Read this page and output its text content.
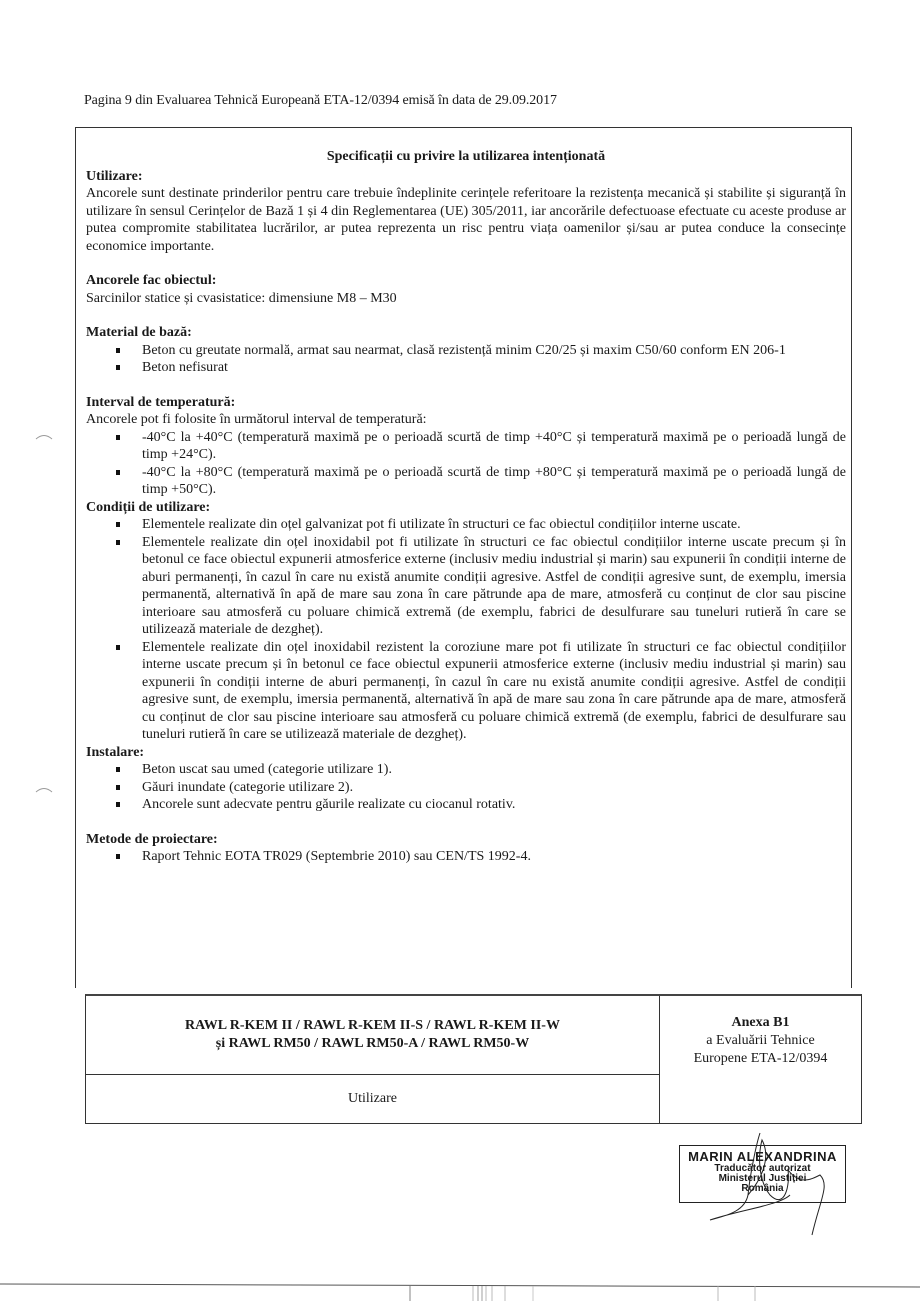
Pagina 9 din Evaluarea Tehnică Europeană ETA-12/0394 emisă în data de 29.09.2017
Specificații cu privire la utilizarea intenționată
Utilizare:

Ancorele sunt destinate prinderilor pentru care trebuie îndeplinite cerințele referitoare la rezistența mecanică și stabilite și siguranță în utilizare în sensul Cerințelor de Bază 1 și 4 din Reglementarea (UE) 305/2011, iar ancorările defectuoase efectuate cu aceste produse ar putea compromite stabilitatea lucrărilor, ar putea reprezenta un risc pentru viața oamenilor și/sau ar putea conduce la consecințe economice importante.

Ancorele fac obiectul:

Sarcinilor statice și cvasistatice: dimensiune M8 – M30

Material de bază:
Beton cu greutate normală, armat sau nearmat, clasă rezistență minim C20/25 și maxim C50/60 conform EN 206-1
Beton nefisurat
Interval de temperatură:

Ancorele pot fi folosite în următorul interval de temperatură:

-40°C la +40°C (temperatură maximă pe o perioadă scurtă de timp +40°C și temperatură maximă pe o perioadă lungă de timp +24°C).
-40°C la +80°C (temperatură maximă pe o perioadă scurtă de timp +80°C și temperatură maximă pe o perioadă lungă de timp +50°C).
Condiții de utilizare:
Elementele realizate din oțel galvanizat pot fi utilizate în structuri ce fac obiectul condițiilor interne uscate.
Elementele realizate din oțel inoxidabil pot fi utilizate în structuri ce fac obiectul condițiilor interne uscate precum și în betonul ce face obiectul expunerii atmosferice externe (inclusiv mediu industrial și marin) sau expunerii în condiții interne de aburi permanenți, în cazul în care nu există anumite condiții agresive. Astfel de condiții agresive sunt, de exemplu, imersia permanentă, alternativă în apă de mare sau zona în care pătrunde apa de mare, atmosferă cu conținut de clor sau piscine interioare sau atmosferă cu poluare chimică extremă (de exemplu, fabrici de desulfurare sau tuneluri rutieră în care se utilizează materiale de dezgheț).
Elementele realizate din oțel inoxidabil rezistent la coroziune mare pot fi utilizate în structuri ce fac obiectul condițiilor interne uscate precum și în betonul ce face obiectul expunerii atmosferice externe (inclusiv mediu industrial și marin) sau expunerii în condiții interne de aburi permanenți, în cazul în care nu există anumite condiții agresive. Astfel de condiții agresive sunt, de exemplu, imersia permanentă, alternativă în apă de mare sau zona în care pătrunde apa de mare, atmosferă cu conținut de clor sau piscine interioare sau atmosferă cu poluare chimică extremă (de exemplu, fabrici de desulfurare sau tuneluri rutieră în care se utilizează materiale de dezgheț).
Instalare:
Beton uscat sau umed (categorie utilizare 1).
Găuri inundate (categorie utilizare 2).
Ancorele sunt adecvate pentru găurile realizate cu ciocanul rotativ.
Metode de proiectare:
Raport Tehnic EOTA TR029 (Septembrie 2010) sau CEN/TS 1992-4.
RAWL R-KEM II / RAWL R-KEM II-S / RAWL R-KEM II-W
și RAWL RM50 / RAWL RM50-A / RAWL RM50-W
Utilizare
Anexa B1
a Evaluării Tehnice
Europene ETA-12/0394
MARIN ALEXANDRINA
Traducător autorizat
Ministerul Justiției
România
